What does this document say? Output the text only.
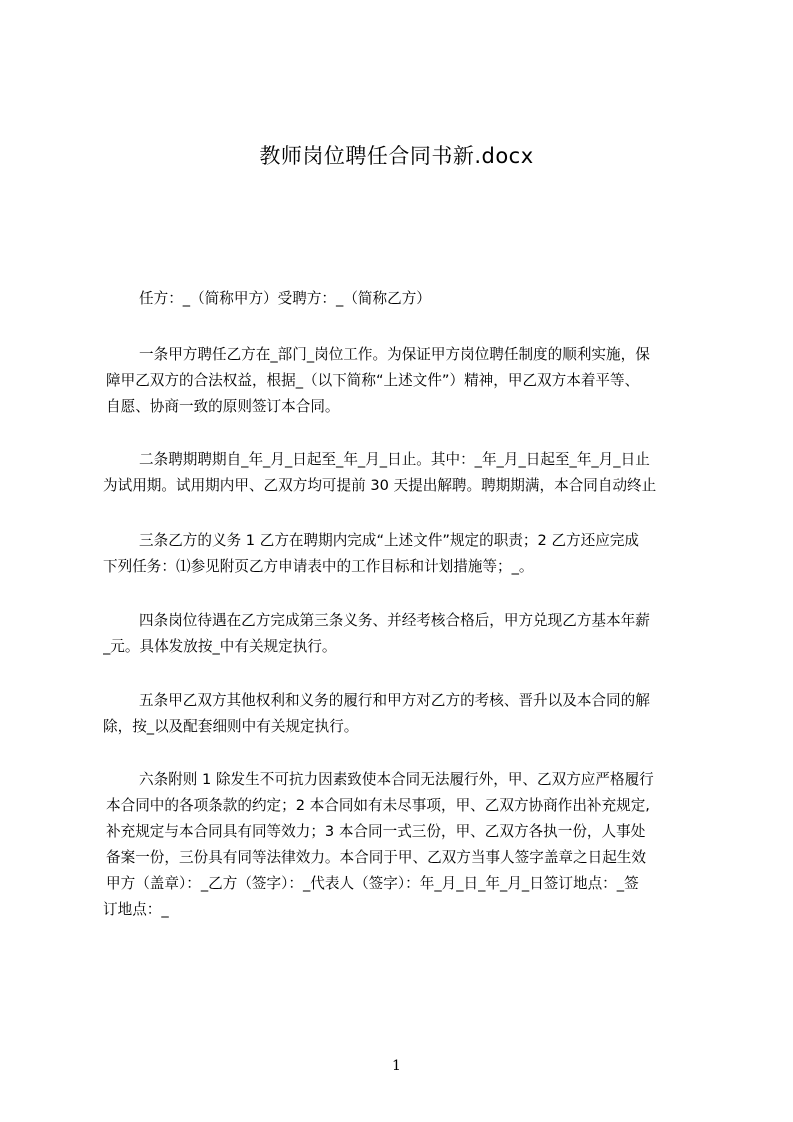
教师岗位聘任合同书新.docx
任方：_（简称甲方）受聘方：_（简称乙方）
一条甲方聘任乙方在_部门_岗位工作。为保证甲方岗位聘任制度的顺利实施，保
障甲乙双方的合法权益，根据_（以下简称“上述文件”）精神，甲乙双方本着平等、
自愿、协商一致的原则签订本合同。
二条聘期聘期自_年_月_日起至_年_月_日止。其中：_年_月_日起至_年_月_日止
为试用期。试用期内甲、乙双方均可提前 30 天提出解聘。聘期期满，本合同自动终止
三条乙方的义务 1 乙方在聘期内完成“上述文件”规定的职责；2 乙方还应完成
下列任务：⑴参见附页乙方申请表中的工作目标和计划措施等；_。
四条岗位待遇在乙方完成第三条义务、并经考核合格后，甲方兑现乙方基本年薪
_元。具体发放按_中有关规定执行。
五条甲乙双方其他权利和义务的履行和甲方对乙方的考核、晋升以及本合同的解
除，按_以及配套细则中有关规定执行。
六条附则 1 除发生不可抗力因素致使本合同无法履行外，甲、乙双方应严格履行
本合同中的各项条款的约定；2 本合同如有未尽事项，甲、乙双方协商作出补充规定,
补充规定与本合同具有同等效力；3 本合同一式三份，甲、乙双方各执一份，人事处
备案一份，三份具有同等法律效力。本合同于甲、乙双方当事人签字盖章之日起生效
甲方（盖章）：_乙方（签字）：_代表人（签字）：年_月_日_年_月_日签订地点：_签
订地点：_
1
